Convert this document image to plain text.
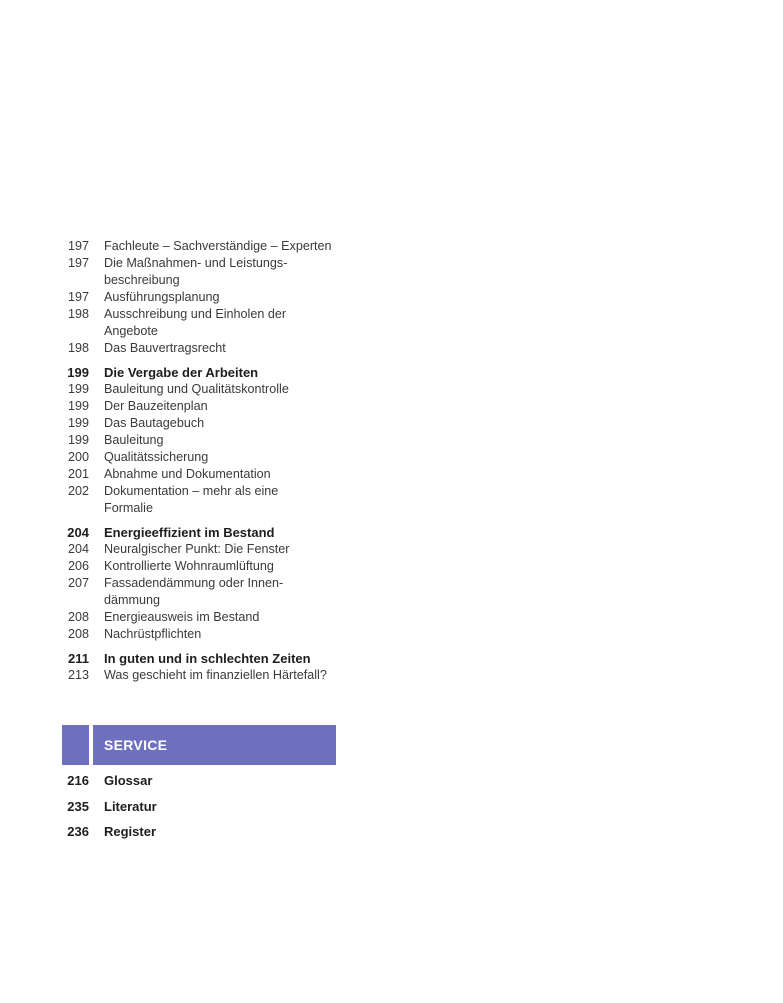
197 Fachleute – Sachverständige – Experten
197 Die Maßnahmen- und Leistungs-
beschreibung
197 Ausführungsplanung
198 Ausschreibung und Einholen der
Angebote
198 Das Bauvertragsrecht
199 Die Vergabe der Arbeiten
199 Bauleitung und Qualitätskontrolle
199 Der Bauzeitenplan
199 Das Bautagebuch
199 Bauleitung
200 Qualitätssicherung
201 Abnahme und Dokumentation
202 Dokumentation – mehr als eine
Formalie
204 Energieeffizient im Bestand
204 Neuralgischer Punkt: Die Fenster
206 Kontrollierte Wohnraumlüftung
207 Fassadendämmung oder Innen-
dämmung
208 Energieausweis im Bestand
208 Nachrüstpflichten
211 In guten und in schlechten Zeiten
213 Was geschieht im finanziellen Härtefall?
SERVICE
216 Glossar
235 Literatur
236 Register
